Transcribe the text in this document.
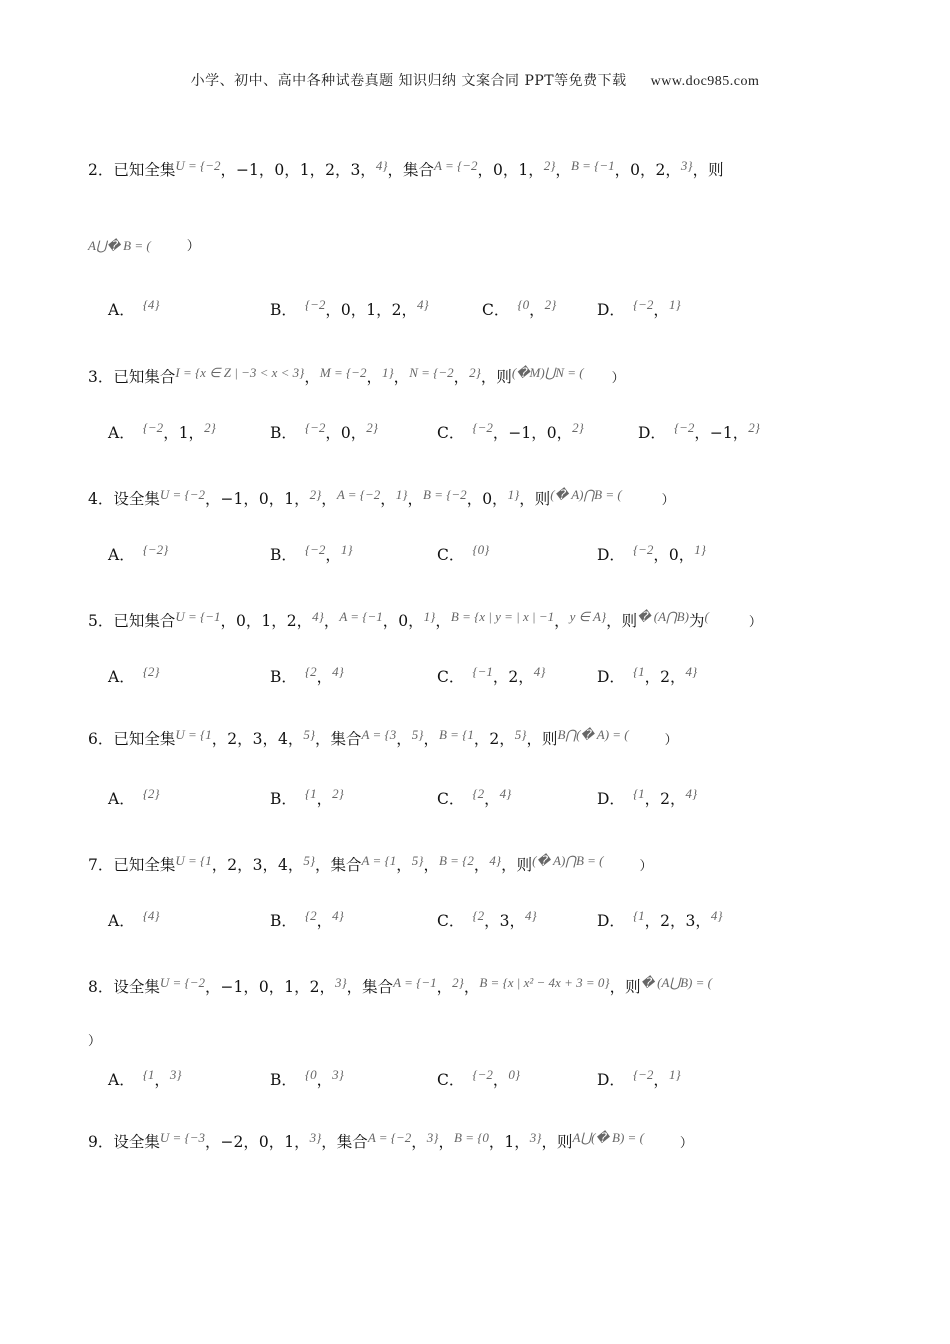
小学、初中、高中各种试卷真题 知识归纳 文案合同 PPT等免费下载 www.doc985.com
2．已知全集$^{U = \{-2}$，−1，0，1，2，3，$^{4\}}$，集合$^{A = \{-2}$，0，1，$^{2\}}$，$^{B = \{-1}$，0，2，$^{3\}}$，则
A⋃� B = (	）
A． $^{\{4\}}$	B． $^{\{-2}$，0，1，2，$^{4\}}$	C． $^{\{0}$，$^{2\}}$	D． $^{\{-2}$，$^{1\}}$
3．已知集合$^{I = \{x \in Z | -3 < x < 3\}}$，$^{M = \{-2}$，$^{1\}}$，$^{N = \{-2}$，$^{2\}}$，则$^{(�M)⋃N = (}$ ）
A． $^{\{-2}$，1，$^{2\}}$	B． $^{\{-2}$，0，$^{2\}}$	C． $^{\{-2}$，−1，0，$^{2\}}$	D． $^{\{-2}$，−1，$^{2\}}$
4．设全集$^{U = \{-2}$，−1，0，1，$^{2\}}$，$^{A = \{-2}$，$^{1\}}$，$^{B = \{-2}$，0，$^{1\}}$，则$^{(� A)⋂B = (}$	）
A． $^{\{-2\}}$	B． $^{\{-2}$，$^{1\}}$	C． $^{\{0\}}$	D． $^{\{-2}$，0，$^{1\}}$
5．已知集合$^{U = \{-1}$，0，1，2，$^{4\}}$，$^{A = \{-1}$，0，$^{1\}}$，$^{B = \{x | y = | x | -1}$，$^{y \in A\}}$，则$^{� (A⋂B)}$为(	）
A． $^{\{2\}}$	B． $^{\{2}$，$^{4\}}$	C． $^{\{-1}$，2，$^{4\}}$	D． $^{\{1}$，2，$^{4\}}$
6．已知全集$^{U = \{1}$，2，3，4，$^{5\}}$，集合$^{A = \{3}$，$^{5\}}$，$^{B = \{1}$，2，$^{5\}}$，则$^{B⋂(� A) = (}$	）
A． $^{\{2\}}$	B． $^{\{1}$，$^{2\}}$	C． $^{\{2}$，$^{4\}}$	D． $^{\{1}$，2，$^{4\}}$
7．已知全集$^{U = \{1}$，2，3，4，$^{5\}}$，集合$^{A = \{1}$，$^{5\}}$，$^{B = \{2}$，$^{4\}}$，则$^{(� A)⋂B = (}$	）
A． $^{\{4\}}$	B． $^{\{2}$，$^{4\}}$	C． $^{\{2}$，3，$^{4\}}$	D． $^{\{1}$，2，3，$^{4\}}$
8．设全集$^{U = \{-2}$，−1，0，1，2，$^{3\}}$，集合$^{A = \{-1}$，$^{2\}}$，$^{B = \{x | x^2 - 4x + 3 = 0\}}$，则$^{� (A⋃B) = (}$
）
A． $^{\{1}$，$^{3\}}$	B． $^{\{0}$，$^{3\}}$	C． $^{\{-2}$，$^{0\}}$	D． $^{\{-2}$，$^{1\}}$
9．设全集$^{U = \{-3}$，−2，0，1，$^{3\}}$，集合$^{A = \{-2}$，$^{3\}}$，$^{B = \{0}$，1，$^{3\}}$，则$^{A⋃(� B) = (}$	）
